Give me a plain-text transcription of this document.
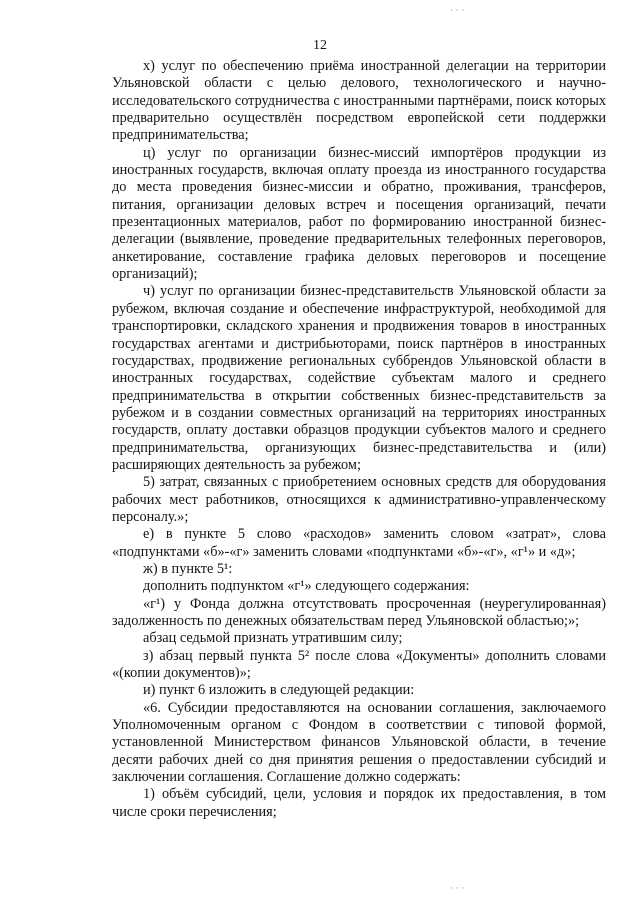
12
· · ·
· · ·

х) услуг по обеспечению приёма иностранной делегации на территории Ульяновской области с целью делового, технологического и научно-исследовательского сотрудничества с иностранными партнёрами, поиск которых предварительно осуществлён посредством европейской сети поддержки предпринимательства;

ц) услуг по организации бизнес-миссий импортёров продукции из иностранных государств, включая оплату проезда из иностранного государства до места проведения бизнес-миссии и обратно, проживания, трансферов, питания, организации деловых встреч и посещения организаций, печати презентационных материалов, работ по формированию иностранной бизнес-делегации (выявление, проведение предварительных телефонных переговоров, анкетирование, составление графика деловых переговоров и посещение организаций);

ч) услуг по организации бизнес-представительств Ульяновской области за рубежом, включая создание и обеспечение инфраструктурой, необходимой для транспортировки, складского хранения и продвижения товаров в иностранных государствах агентами и дистрибьюторами, поиск партнёров в иностранных государствах, продвижение региональных суббрендов Ульяновской области в иностранных государствах, содействие субъектам малого и среднего предпринимательства в открытии собственных бизнес-представительств за рубежом и в создании совместных организаций на территориях иностранных государств, оплату доставки образцов продукции субъектов малого и среднего предпринимательства, организующих бизнес-представительства и (или) расширяющих деятельность за рубежом;

5) затрат, связанных с приобретением основных средств для оборудования рабочих мест работников, относящихся к административно-управленческому персоналу.»;

е) в пункте 5 слово «расходов» заменить словом «затрат», слова «подпунктами «б»-«г» заменить словами «подпунктами «б»-«г», «г¹» и «д»;

ж) в пункте 5¹:

дополнить подпунктом «г¹» следующего содержания:

«г¹) у Фонда должна отсутствовать просроченная (неурегулированная) задолженность по денежных обязательствам перед Ульяновской областью;»;

абзац седьмой признать утратившим силу;

з) абзац первый пункта 5² после слова «Документы» дополнить словами «(копии документов)»;

и) пункт 6 изложить в следующей редакции:

«6. Субсидии предоставляются на основании соглашения, заключаемого Уполномоченным органом с Фондом в соответствии с типовой формой, установленной Министерством финансов Ульяновской области, в течение десяти рабочих дней со дня принятия решения о предоставлении субсидий и заключении соглашения. Соглашение должно содержать:

1) объём субсидий, цели, условия и порядок их предоставления, в том числе сроки перечисления;
